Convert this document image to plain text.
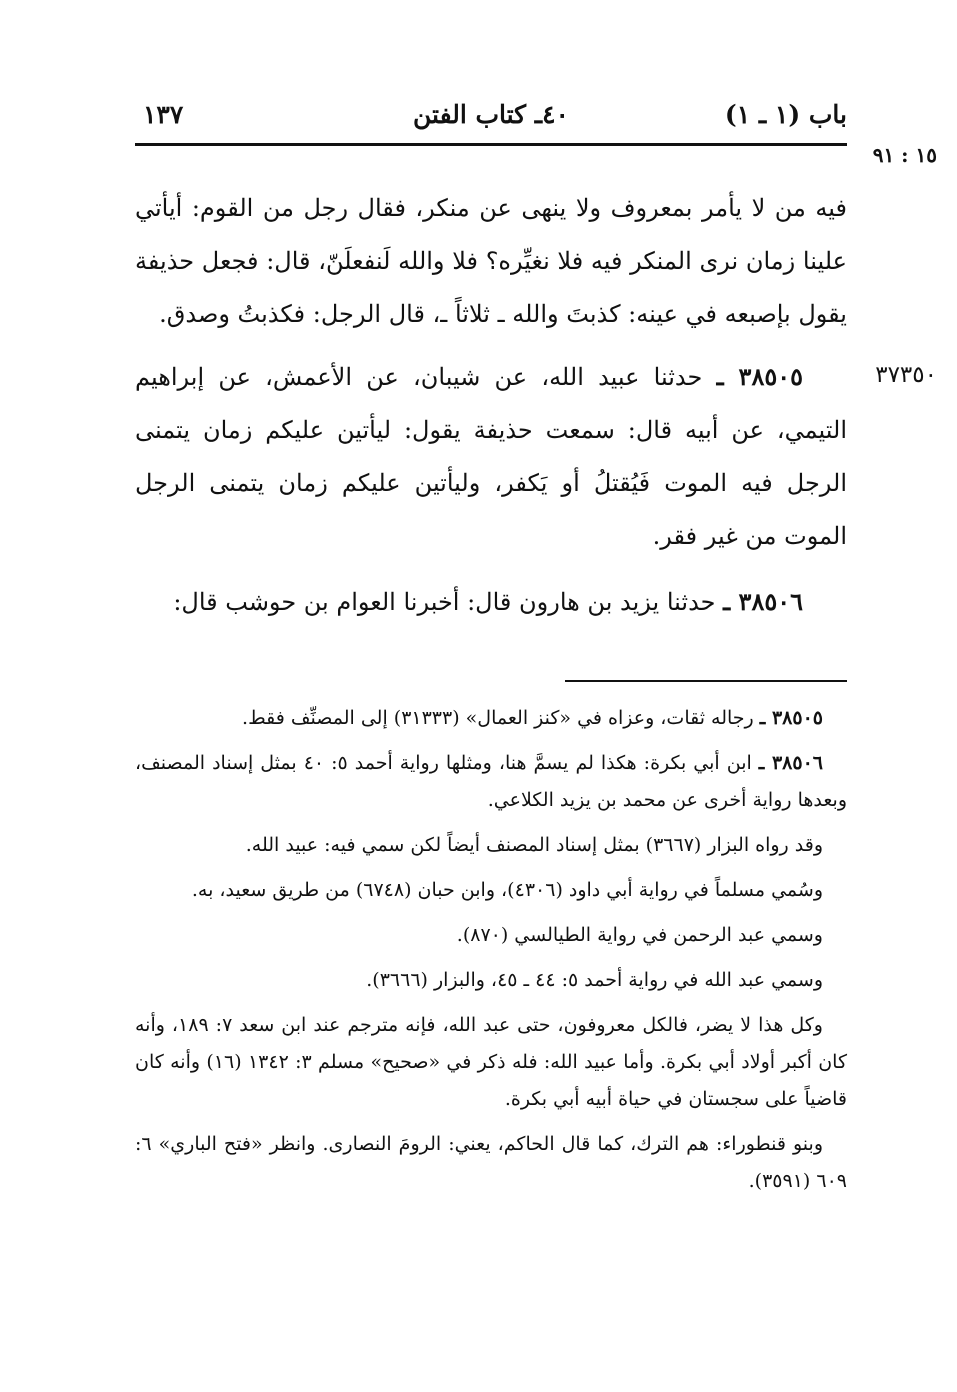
باب (١ ـ ١)
٤٠ـ كتاب الفتن
١٣٧
١٥ : ٩١

فيه من لا يأمر بمعروف ولا ينهى عن منكر، فقال رجل من القوم: أيأتي علينا زمان نرى المنكر فيه فلا نغيِّره؟ فلا والله لَنفعلَنّ، قال: فجعل حذيفة يقول بإصبعه في عينه: كذبتَ والله ـ ثلاثاً ـ، قال الرجل: فكذبتُ وصدق.

٣٧٣٥٠

٣٨٥٠٥ ـ حدثنا عبيد الله، عن شيبان، عن الأعمش، عن إبراهيم التيمي، عن أبيه قال: سمعت حذيفة يقول: ليأتين عليكم زمان يتمنى الرجل فيه الموت فَيُقتلُ أو يَكفر، وليأتين عليكم زمان يتمنى الرجل الموت من غير فقر.

٣٨٥٠٦ ـ حدثنا يزيد بن هارون قال: أخبرنا العوام بن حوشب قال:

٣٨٥٠٥ ـ رجاله ثقات، وعزاه في «كنز العمال» (٣١٣٣٣) إلى المصنِّف فقط.

٣٨٥٠٦ ـ ابن أبي بكرة: هكذا لم يسمَّ هنا، ومثلها رواية أحمد ٥: ٤٠ بمثل إسناد المصنف، وبعدها رواية أخرى عن محمد بن يزيد الكلاعي.

وقد رواه البزار (٣٦٦٧) بمثل إسناد المصنف أيضاً لكن سمي فيه: عبيد الله.

وسُمي مسلماً في رواية أبي داود (٤٣٠٦)، وابن حبان (٦٧٤٨) من طريق سعيد، به.

وسمي عبد الرحمن في رواية الطيالسي (٨٧٠).

وسمي عبد الله في رواية أحمد ٥: ٤٤ ـ ٤٥، والبزار (٣٦٦٦).

وكل هذا لا يضر، فالكل معروفون، حتى عبد الله، فإنه مترجم عند ابن سعد ٧: ١٨٩، وأنه كان أكبر أولاد أبي بكرة. وأما عبيد الله: فله ذكر في «صحيح» مسلم ٣: ١٣٤٢ (١٦) وأنه كان قاضياً على سجستان في حياة أبيه أبي بكرة.

وبنو قنطوراء: هم الترك، كما قال الحاكم، يعني: الرومَ النصارى. وانظر «فتح الباري» ٦: ٦٠٩ (٣٥٩١).
